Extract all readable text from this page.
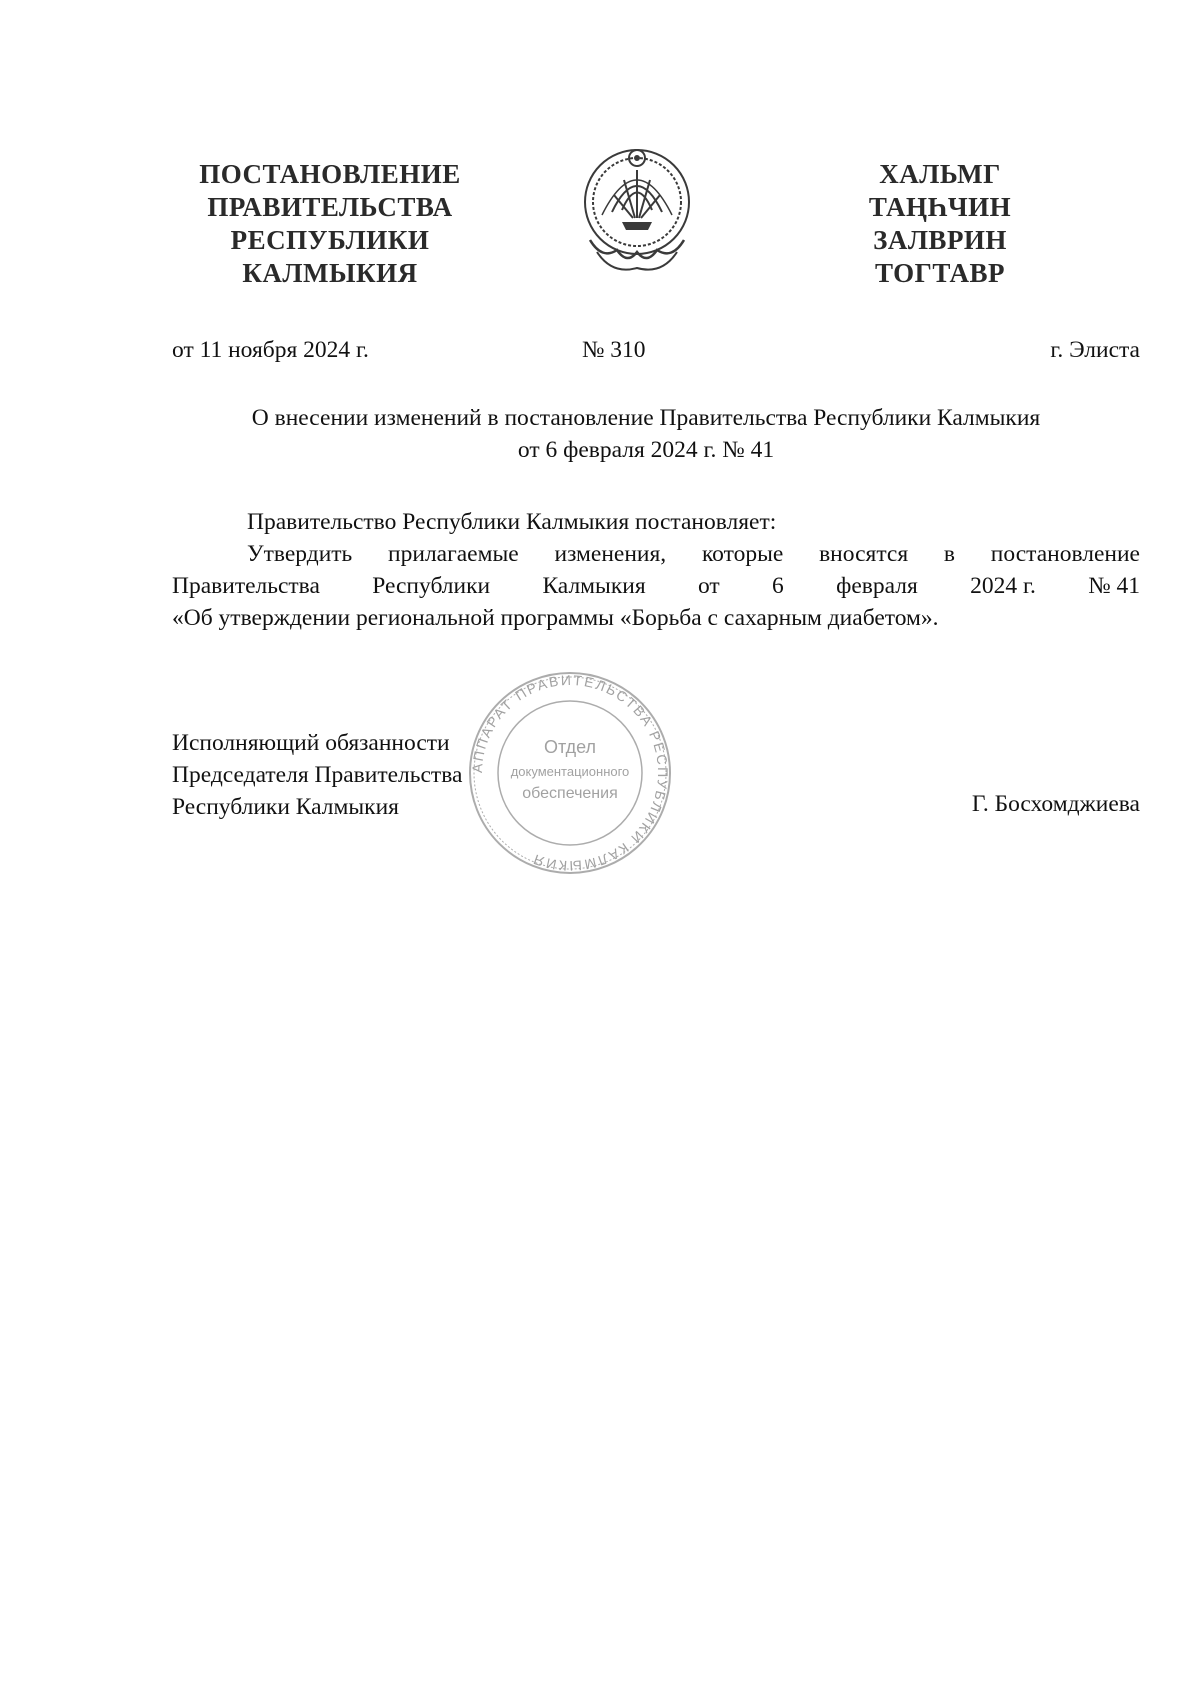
ПОСТАНОВЛЕНИЕ
ПРАВИТЕЛЬСТВА
РЕСПУБЛИКИ
КАЛМЫКИЯ
ХАЛЬМГ
ТАҢҺЧИН
ЗАЛВРИН
ТОГТАВР
от 11 ноября 2024 г.	№ 310	г. Элиста
О внесении изменений в постановление Правительства Республики Калмыкия
от 6 февраля 2024 г. № 41

Правительство Республики Калмыкия постановляет:

Утвердить прилагаемые изменения, которые вносятся в постановление

Правительства Республики Калмыкия от 6 февраля 2024 г. № 41

«Об утверждении региональной программы «Борьба с сахарным диабетом».

АППАРАТ ПРАВИТЕЛЬСТВА РЕСПУБЛИКИ КАЛМЫКИЯ
Отдел
документационного
обеспечения
Исполняющий обязанности
Председателя Правительства
Республики Калмыкия	Г. Босхомджиева
